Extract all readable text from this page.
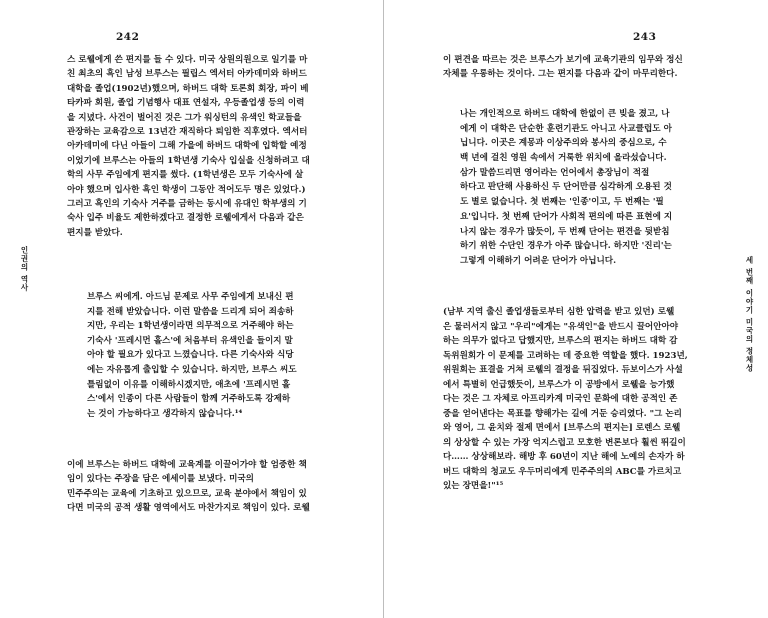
242
인권의 역사
스 로웰에게 쓴 편지를 들 수 있다. 미국 상원의원으로 일기를 마
친 최초의 흑인 남성 브루스는 필립스 엑서터 아카데미와 하버드
대학을 졸업(1902년)했으며, 하버드 대학 토론회 회장, 파이 베
타카파 회원, 졸업 기념행사 대표 연설자, 우등졸업생 등의 이력
을 지녔다. 사건이 벌어진 것은 그가 워싱턴의 유색인 학교들을
관장하는 교육감으로 13년간 재직하다 퇴임한 직후였다. 엑서터
아카데미에 다닌 아들이 그해 가을에 하버드 대학에 입학할 예정
이었기에 브루스는 아들의 1학년생 기숙사 입실을 신청하려고 대
학의 사무 주임에게 편지를 썼다. (1학년생은 모두 기숙사에 살
아야 했으며 입사한 흑인 학생이 그동안 적어도두 명은 있었다.)
그러고 흑인의 기숙사 거주를 금하는 동시에 유대인 학부생의 기
숙사 입주 비율도 제한하겠다고 결정한 로웰에게서 다음과 같은
편지를 받았다.
브루스 씨에게. 아드님 문제로 사무 주임에게 보내신 편
지를 전해 받았습니다. 이런 말씀을 드리게 되어 죄송하
지만, 우리는 1학년생이라면 의무적으로 거주해야 하는
기숙사 '프레시먼 홀스'에 처음부터 유색인을 들이지 말
아야 할 필요가 있다고 느꼈습니다. 다른 기숙사와 식당
에는 자유롭게 출입할 수 있습니다. 하지만, 브루스 씨도
틀림없이 이유를 이해하시겠지만, 애초에 '프레시먼 홀
스'에서 인종이 다른 사람들이 함께 거주하도록 강제하
는 것이 가능하다고 생각하지 않습니다.¹⁴
이에 브루스는 하버드 대학에 교육계를 이끌어가야 할 엄중한 책
임이 있다는 주장을 담은 에세이를 보냈다. 미국의
민주주의는 교육에 기초하고 있으므로, 교육 분야에서 책임이 있
다면 미국의 공적 생활 영역에서도 마찬가지로 책임이 있다. 로웰
243
세 번째 이야기 미국의 정체성
이 편견을 따르는 것은 브루스가 보기에 교육기관의 임무와 정신
자체를 우롱하는 것이다. 그는 편지를 다음과 같이 마무리한다.
나는 개인적으로 하버드 대학에 한없이 큰 빚을 졌고, 나
에게 이 대학은 단순한 훈련기관도 아니고 사교클럽도 아
닙니다. 이곳은 계몽과 이상주의와 봉사의 중심으로, 수
백 년에 걸친 영원 속에서 거룩한 위치에 올라섰습니다.
삼가 말씀드리면 영어라는 언어에서 총장님이 적절
하다고 판단해 사용하신 두 단어만큼 심각하게 오용된 것
도 별로 없습니다. 첫 번째는 '인종'이고, 두 번째는 '필
요'입니다. 첫 번째 단어가 사회적 편의에 따른 표현에 지
나지 않는 경우가 많듯이, 두 번째 단어는 편견을 뒷받침
하기 위한 수단인 경우가 아주 많습니다. 하지만 '진리'는
그렇게 이해하기 어려운 단어가 아닙니다.
(남부 지역 출신 졸업생들로부터 심한 압력을 받고 있던) 로웰
은 물러서지 않고 "우리"에게는 "유색인"을 반드시 끌어안아야
하는 의무가 없다고 답했지만, 브루스의 편지는 하버드 대학 감
독위원회가 이 문제를 고려하는 데 중요한 역할을 했다. 1923년,
위원회는 표결을 거쳐 로웰의 결정을 뒤집었다. 듀보이스가 사설
에서 특별히 언급했듯이, 브루스가 이 공방에서 로웰을 능가했
다는 것은 그 자체로 아프리카계 미국인 문화에 대한 공적인 존
중을 얻어낸다는 목표를 향해가는 길에 거둔 승리였다. "그 논리
와 영어, 그 윤치와 절제 면에서 [브루스의 편지는] 로렌스 로웰
의 상상할 수 있는 가장 억지스럽고 모호한 변론보다 훨씬 뛰길이
다…… 상상해보라. 해방 후 60년이 지난 해에 노예의 손자가 하
버드 대학의 청교도 우두머리에게 민주주의의 ABC를 가르치고
있는 장면을!"¹⁵
